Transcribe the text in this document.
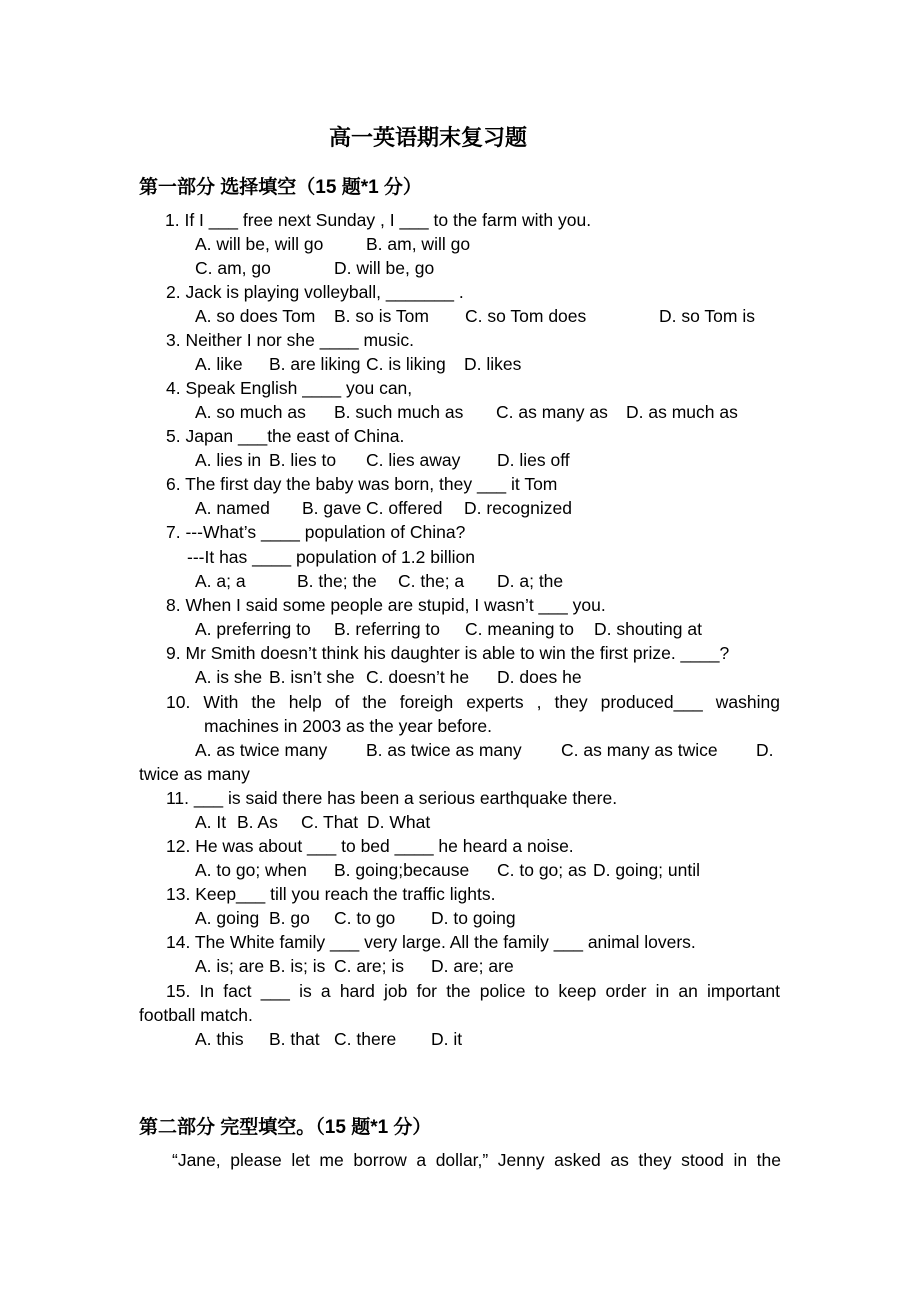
高一英语期末复习题
第一部分 选择填空（15 题*1 分）
1. If I ___ free next Sunday , I ___ to the farm with you.
A. will be, will go B. am, will go
C. am, go	D. will be, go
2. Jack is playing volleyball, _______ .
A. so does Tom B. so is Tom C. so Tom does	D. so Tom is
3. Neither I nor she ____ music.
A. like B. are liking C. is liking D. likes
4. Speak English ____ you can,
A. so much as B. such much as C. as many as D. as much as
5. Japan ___the east of China.
A. lies in B. lies to C. lies away D. lies off
6. The first day the baby was born, they ___ it Tom
A. named B. gave C. offered D. recognized
7. ---What’s ____ population of China?
---It has ____ population of 1.2 billion
A. a; a	B. the; the C. the; a D. a; the
8. When I said some people are stupid, I wasn’t ___ you.
A. preferring to B. referring to C. meaning to D. shouting at
9. Mr Smith doesn’t think his daughter is able to win the first prize. ____?
A. is she B. isn’t she C. doesn’t he D. does he
10. With the help of the foreigh experts , they produced___ washing
machines in 2003 as the year before.
A. as twice many B. as twice as many C. as many as twice D.
twice as many
11. ___ is said there has been a serious earthquake there.
A. It B. As C. That D. What
12. He was about ___ to bed ____ he heard a noise.
A. to go; when B. going;because C. to go; as D. going; until
13. Keep___ till you reach the traffic lights.
A. going B. go C. to go D. to going
14. The White family ___ very large. All the family ___ animal lovers.
A. is; are B. is; is C. are; is D. are; are
15. In fact ___ is a hard job for the police to keep order in an important
football match.
A. this B. that C. there D. it
第二部分 完型填空。（15 题*1 分）
“Jane, please let me borrow a dollar,” Jenny asked as they stood in the
